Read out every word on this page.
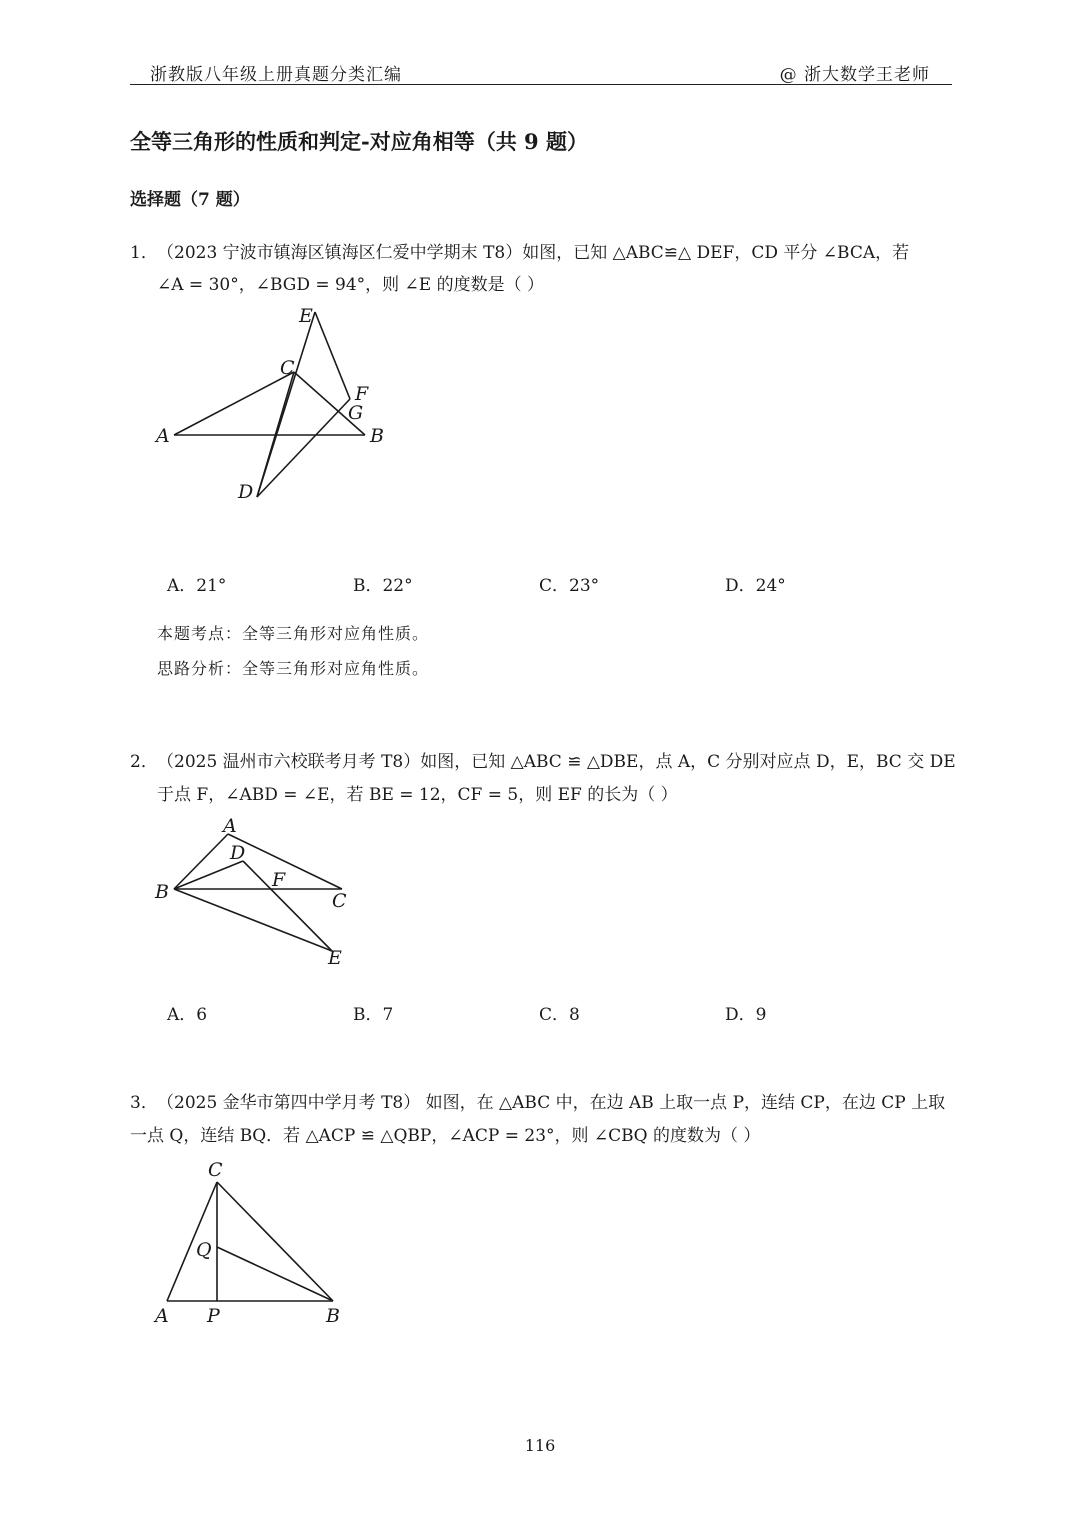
浙教版八年级上册真题分类汇编	@ 浙大数学王老师
全等三角形的性质和判定-对应角相等（共 9 题）
选择题（7 题）
1． （2023 宁波市镇海区镇海区仁爱中学期末 T8）如图，已知 △ABC≌△ DEF，CD 平分 ∠BCA，若
∠A = 30°，∠BGD = 94°，则 ∠E 的度数是（ ）
E
C
F
G
A	B
D
A．21°	B．22°	C．23°	D．24°
本题考点：全等三角形对应角性质。
思路分析：全等三角形对应角性质。
2． （2025 温州市六校联考月考 T8）如图，已知 △ABC ≌ △DBE，点 A，C 分别对应点 D，E，BC 交 DE
于点 F，∠ABD = ∠E，若 BE = 12，CF = 5，则 EF 的长为（ ）
A
D
F
B	C
E
A．6	B．7	C．8	D．9
3． （2025 金华市第四中学月考 T8） 如图，在 △ABC 中，在边 AB 上取一点 P，连结 CP，在边 CP 上取
一点 Q，连结 BQ．若 △ACP ≌ △QBP，∠ACP = 23°，则 ∠CBQ 的度数为（ ）
C
Q
A P	B
116
